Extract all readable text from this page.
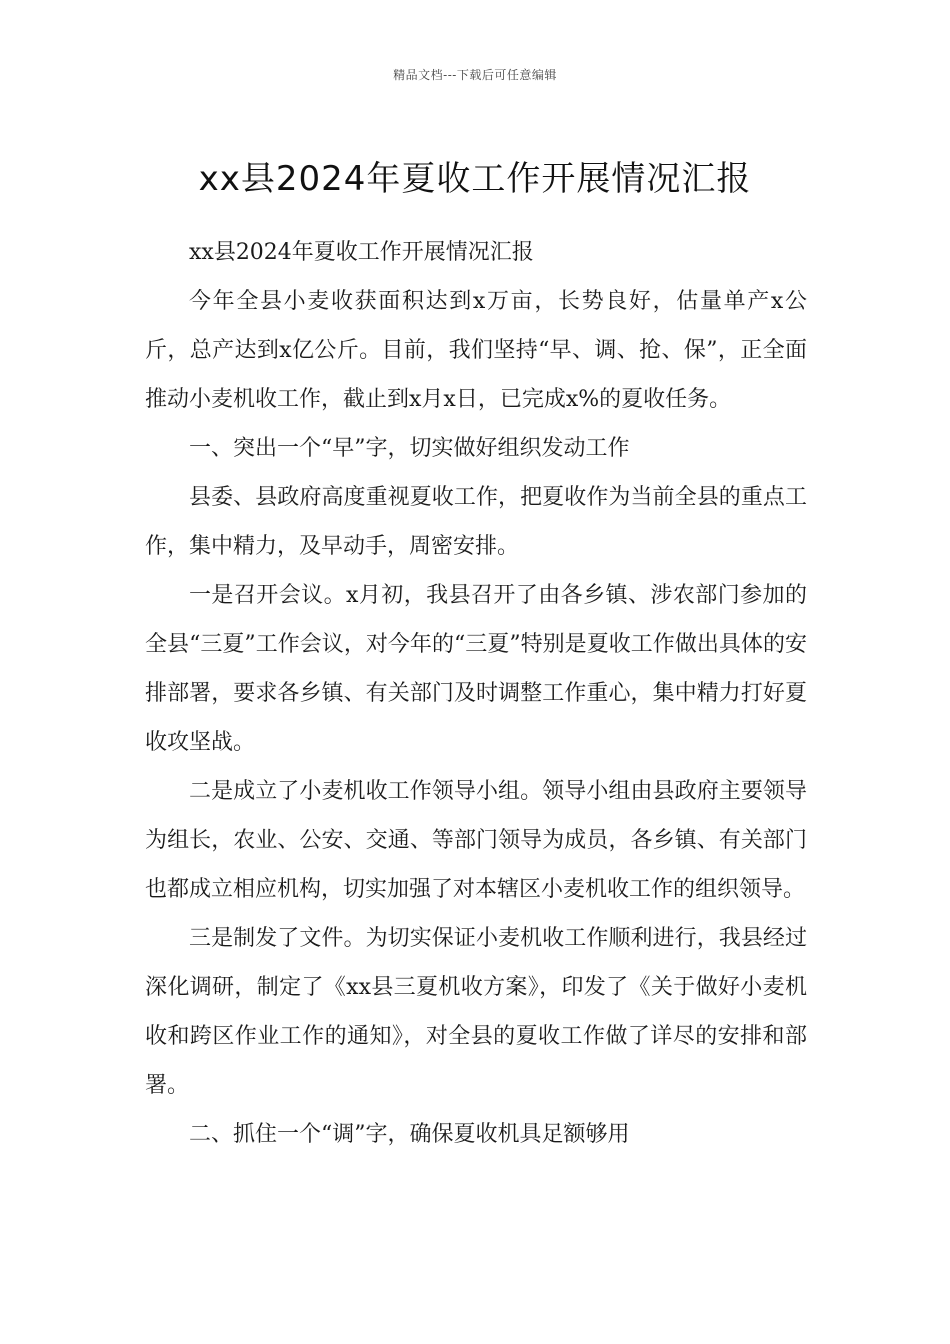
精品文档---下载后可任意编辑
xx县2024年夏收工作开展情况汇报

xx县2024年夏收工作开展情况汇报

今年全县小麦收获面积达到x万亩，长势良好，估量单产x公斤，总产达到x亿公斤。目前，我们坚持“早、调、抢、保”，正全面推动小麦机收工作，截止到x月x日，已完成x%的夏收任务。

一、突出一个“早”字，切实做好组织发动工作

县委、县政府高度重视夏收工作，把夏收作为当前全县的重点工作，集中精力，及早动手，周密安排。

一是召开会议。x月初，我县召开了由各乡镇、涉农部门参加的全县“三夏”工作会议，对今年的“三夏”特别是夏收工作做出具体的安排部署，要求各乡镇、有关部门及时调整工作重心，集中精力打好夏收攻坚战。

二是成立了小麦机收工作领导小组。领导小组由县政府主要领导为组长，农业、公安、交通、等部门领导为成员，各乡镇、有关部门也都成立相应机构，切实加强了对本辖区小麦机收工作的组织领导。

三是制发了文件。为切实保证小麦机收工作顺利进行，我县经过深化调研，制定了《xx县三夏机收方案》，印发了《关于做好小麦机收和跨区作业工作的通知》，对全县的夏收工作做了详尽的安排和部署。

二、抓住一个“调”字，确保夏收机具足额够用
